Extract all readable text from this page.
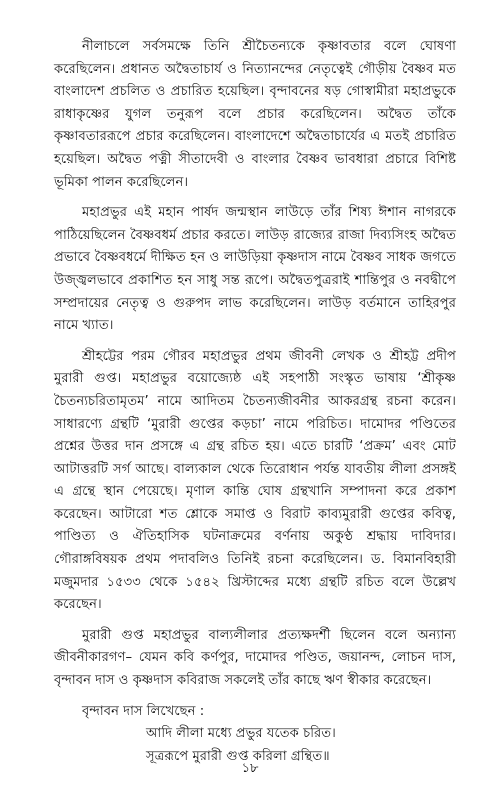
নীলাচলে সর্বসমক্ষে তিনি শ্রীচৈতন্যকে কৃষ্ণাবতার বলে ঘোষণা করেছিলেন। প্রধানত অদ্বৈতাচার্য ও নিত্যানন্দের নেতৃত্বেই গৌড়ীয় বৈষ্ণব মত বাংলাদেশ প্রচলিত ও প্রচারিত হয়েছিল। বৃন্দাবনের ষড় গোস্বামীরা মহাপ্রভুকে রাধাকৃষ্ণের যুগল তনুরূপ বলে প্রচার করেছিলেন। অদ্বৈত তাঁকে কৃষ্ণাবতাররূপে প্রচার করেছিলেন। বাংলাদেশে অদ্বৈতাচার্যের এ মতই প্রচারিত হয়েছিল। অদ্বৈত পত্নী সীতাদেবী ও বাংলার বৈষ্ণব ভাবধারা প্রচারে বিশিষ্ট ভূমিকা পালন করেছিলেন।

মহাপ্রভুর এই মহান পার্ষদ জন্মস্থান লাউড়ে তাঁর শিষ্য ঈশান নাগরকে পাঠিয়েছিলেন বৈষ্ণবধর্ম প্রচার করতে। লাউড় রাজ্যের রাজা দিব্যসিংহ অদ্বৈত প্রভাবে বৈষ্ণবধর্মে দীক্ষিত হন ও লাউড়িয়া কৃষ্ণদাস নামে বৈষ্ণব সাধক জগতে উজ্জ্বলভাবে প্রকাশিত হন সাধু সন্ত রূপে। অদ্বৈতপুত্ররাই শান্তিপুর ও নবদ্বীপে সম্প্রদায়ের নেতৃত্ব ও গুরুপদ লাভ করেছিলেন। লাউড় বর্তমানে তাহিরপুর নামে খ্যাত।

শ্রীহট্টের পরম গৌরব মহাপ্রভুর প্রথম জীবনী লেখক ও শ্রীহট্ট প্রদীপ মুরারী গুপ্ত। মহাপ্রভুর বয়োজ্যেষ্ঠ এই সহপাঠী সংস্কৃত ভাষায় ‘শ্রীকৃষ্ণ চৈতন্যচরিতামৃতম’ নামে আদিতম চৈতন্যজীবনীর আকরগ্রন্থ রচনা করেন। সাধারণ্যে গ্রন্থটি ‘মুরারী গুপ্তের কড়চা’ নামে পরিচিত। দামোদর পণ্ডিতের প্রশ্নের উত্তর দান প্রসঙ্গে এ গ্রন্থ রচিত হয়। এতে চারটি ‘প্রক্রম’ এবং মোট আটাত্তরটি সর্গ আছে। বাল্যকাল থেকে তিরোধান পর্যন্ত যাবতীয় লীলা প্রসঙ্গই এ গ্রন্থে স্থান পেয়েছে। মৃণাল কান্তি ঘোষ গ্রন্থখানি সম্পাদনা করে প্রকাশ করেছেন। আটারো শত শ্লোকে সমাপ্ত ও বিরাট কাব্যমুরারী গুপ্তের কবিত্ব, পাণ্ডিত্য ও ঐতিহাসিক ঘটনাক্রমের বর্ণনায় অকুণ্ঠ শ্রদ্ধায় দাবিদার। গৌরাঙ্গবিষয়ক প্রথম পদাবলিও তিনিই রচনা করেছিলেন। ড. বিমানবিহারী মজুমদার ১৫৩৩ থেকে ১৫৪২ খ্রিস্টাব্দের মধ্যে গ্রন্থটি রচিত বলে উল্লেখ করেছেন।

মুরারী গুপ্ত মহাপ্রভুর বাল্যলীলার প্রত্যক্ষদর্শী ছিলেন বলে অন্যান্য জীবনীকারগণ– যেমন কবি কর্ণপুর, দামোদর পণ্ডিত, জয়ানন্দ, লোচন দাস, বৃন্দাবন দাস ও কৃষ্ণদাস কবিরাজ সকলেই তাঁর কাছে ঋণ স্বীকার করেছেন।

বৃন্দাবন দাস লিখেছেন :

আদি লীলা মধ্যে প্রভুর যতেক চরিত।

সূত্ররূপে মুরারী গুপ্ত করিলা গ্রন্থিত॥

১৮
